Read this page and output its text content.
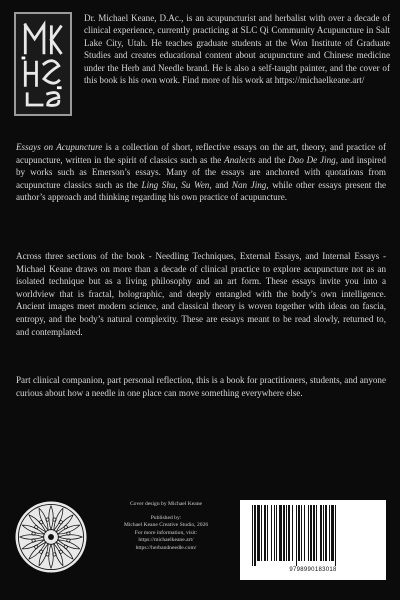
Dr. Michael Keane, D.Ac., is an acupuncturist and herbalist with over a decade of clinical experience, currently practicing at SLC Qi Community Acupuncture in Salt Lake City, Utah. He teaches graduate students at the Won Institute of Graduate Studies and creates educational content about acupuncture and Chinese medicine under the Herb and Needle brand. He is also a self-taught painter, and the cover of this book is his own work. Find more of his work at https://michaelkeane.art/

Essays on Acupuncture is a collection of short, reflective essays on the art, theory, and practice of acupuncture, written in the spirit of classics such as the Analects and the Dao De Jing, and inspired by works such as Emerson’s essays. Many of the essays are anchored with quotations from acupuncture classics such as the Ling Shu, Su Wen, and Nan Jing, while other essays present the author’s approach and thinking regarding his own practice of acupuncture.

Across three sections of the book - Needling Techniques, External Essays, and Internal Essays - Michael Keane draws on more than a decade of clinical practice to explore acupuncture not as an isolated technique but as a living philosophy and an art form. These essays invite you into a worldview that is fractal, holographic, and deeply entangled with the body’s own intelligence. Ancient images meet modern science, and classical theory is woven together with ideas on fascia, entropy, and the body’s natural complexity. These are essays meant to be read slowly, returned to, and contemplated.

Part clinical companion, part personal reflection, this is a book for practitioners, students, and anyone curious about how a needle in one place can move something everywhere else.

Cover design by Michael Keane
Published by:
Michael Keane Creative Studio, 2026
For more information, visit:
https://michaelkeane.art/
https://herbandneedle.com/
9798990183018
